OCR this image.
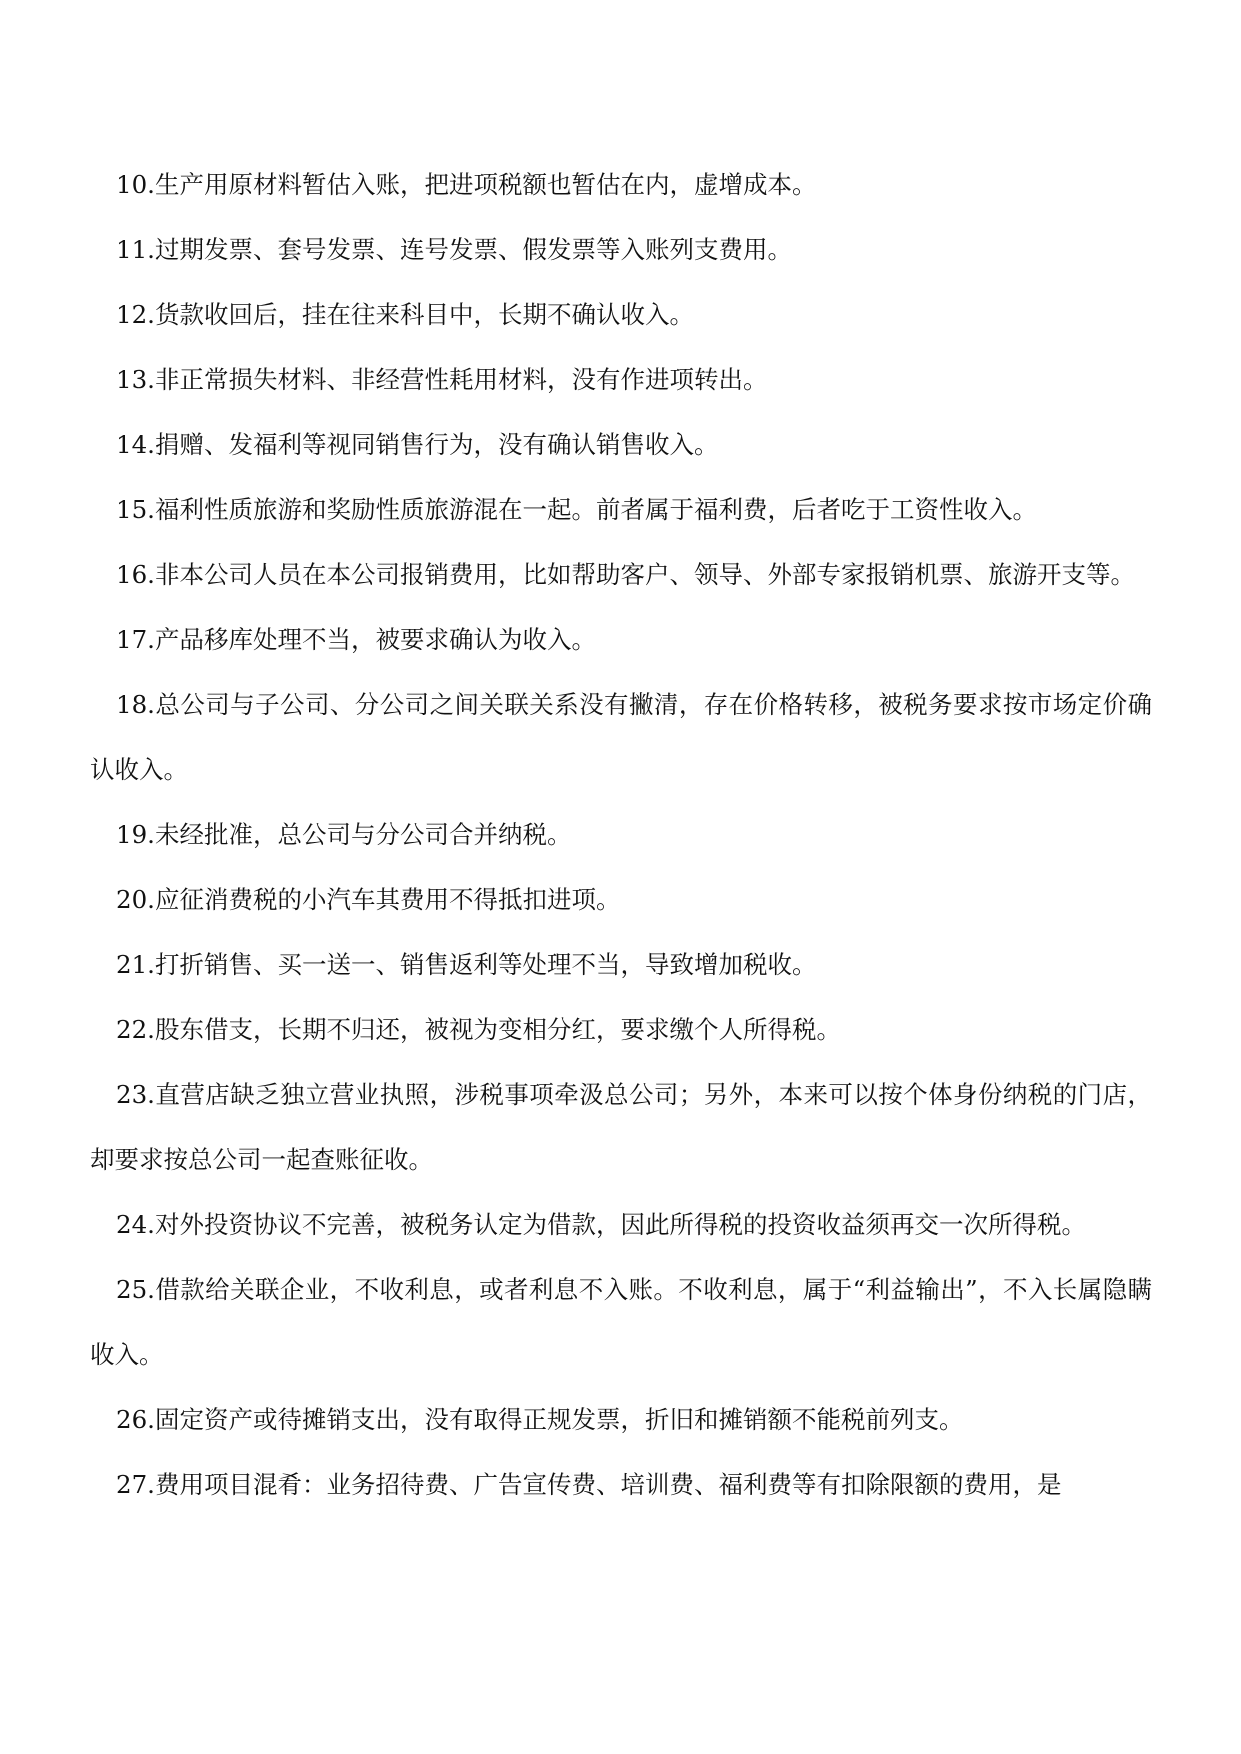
10.生产用原材料暂估入账，把进项税额也暂估在内，虚增成本。

11.过期发票、套号发票、连号发票、假发票等入账列支费用。

12.货款收回后，挂在往来科目中，长期不确认收入。

13.非正常损失材料、非经营性耗用材料，没有作进项转出。

14.捐赠、发福利等视同销售行为，没有确认销售收入。

15.福利性质旅游和奖励性质旅游混在一起。前者属于福利费，后者吃于工资性收入。

16.非本公司人员在本公司报销费用，比如帮助客户、领导、外部专家报销机票、旅游开支等。

17.产品移库处理不当，被要求确认为收入。

18.总公司与子公司、分公司之间关联关系没有撇清，存在价格转移，被税务要求按市场定价确认收入。

19.未经批准，总公司与分公司合并纳税。

20.应征消费税的小汽车其费用不得抵扣进项。

21.打折销售、买一送一、销售返利等处理不当，导致增加税收。

22.股东借支，长期不归还，被视为变相分红，要求缴个人所得税。

23.直营店缺乏独立营业执照，涉税事项牵汲总公司；另外，本来可以按个体身份纳税的门店，却要求按总公司一起查账征收。

24.对外投资协议不完善，被税务认定为借款，因此所得税的投资收益须再交一次所得税。

25.借款给关联企业，不收利息，或者利息不入账。不收利息，属于“利益输出”，不入长属隐瞒收入。

26.固定资产或待摊销支出，没有取得正规发票，折旧和摊销额不能税前列支。

27.费用项目混肴：业务招待费、广告宣传费、培训费、福利费等有扣除限额的费用，是
